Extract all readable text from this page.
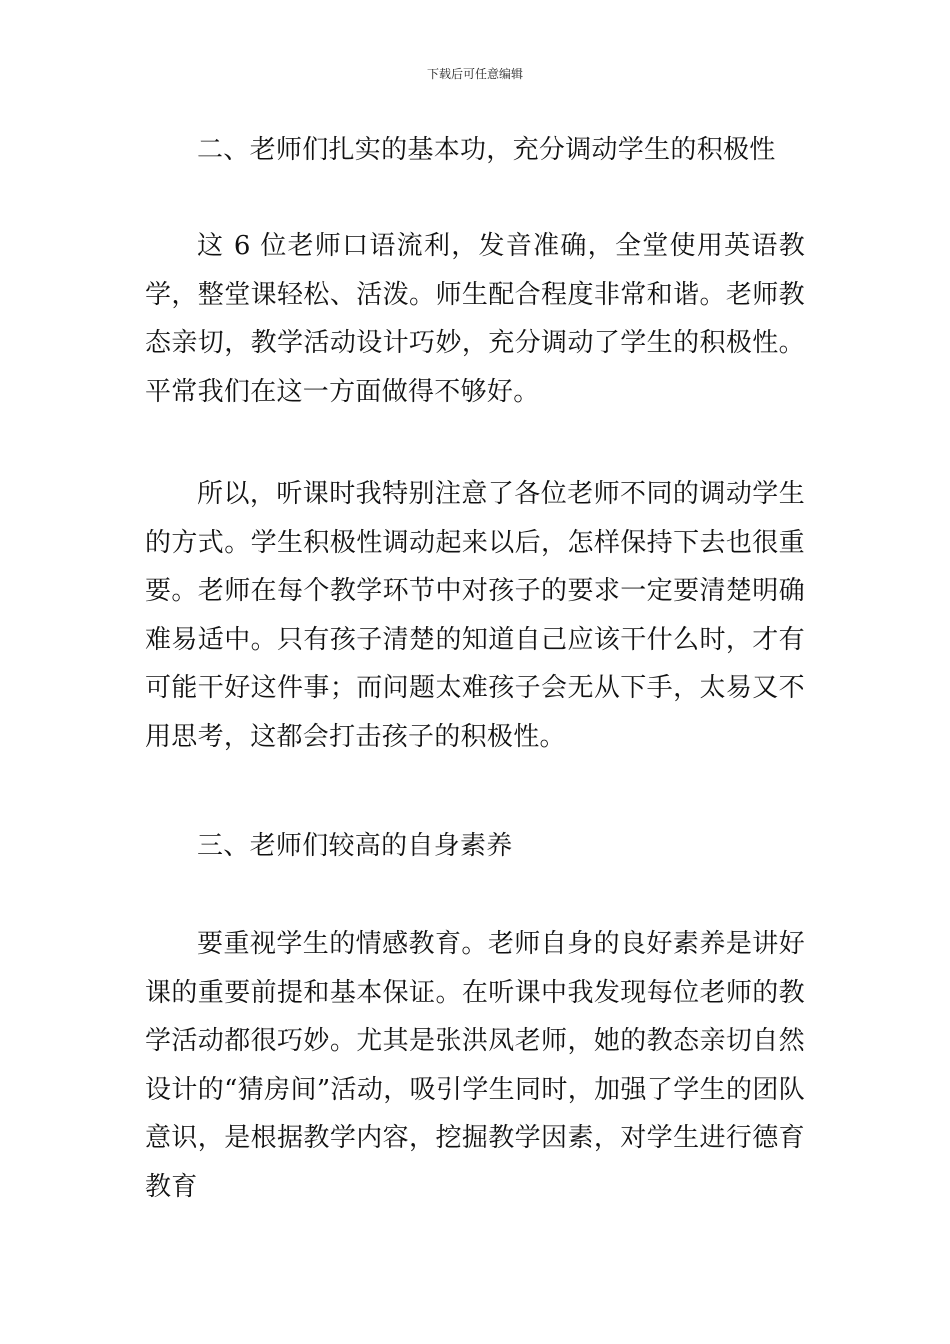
下载后可任意编辑

二、老师们扎实的基本功，充分调动学生的积极性

这 6 位老师口语流利，发音准确，全堂使用英语教学，整堂课轻松、活泼。师生配合程度非常和谐。老师教态亲切，教学活动设计巧妙，充分调动了学生的积极性。平常我们在这一方面做得不够好。

所以，听课时我特别注意了各位老师不同的调动学生的方式。学生积极性调动起来以后，怎样保持下去也很重要。老师在每个教学环节中对孩子的要求一定要清楚明确难易适中。只有孩子清楚的知道自己应该干什么时，才有可能干好这件事；而问题太难孩子会无从下手，太易又不用思考，这都会打击孩子的积极性。

三、老师们较高的自身素养

要重视学生的情感教育。老师自身的良好素养是讲好课的重要前提和基本保证。在听课中我发现每位老师的教学活动都很巧妙。尤其是张洪凤老师，她的教态亲切自然设计的“猜房间”活动，吸引学生同时，加强了学生的团队意识，是根据教学内容，挖掘教学因素，对学生进行德育教育
